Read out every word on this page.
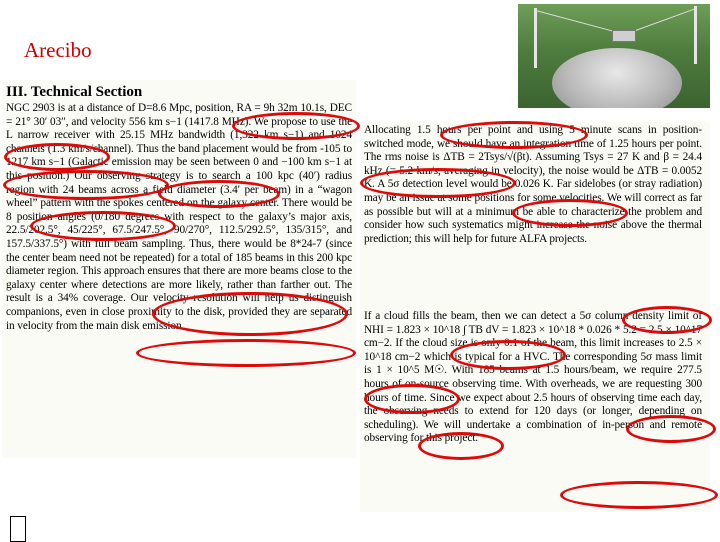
Arecibo
III. Technical Section
NGC 2903 is at a distance of D=8.6 Mpc, position, RA = 9h 32m 10.1s, DEC = 21° 30′ 03″, and velocity 556 km s−1 (1417.8 MHz). We propose to use the L narrow receiver with 25.15 MHz bandwidth (1,322 km s−1) and 1024 channels (1.3 km/s/channel). Thus the band placement would be from -105 to 1217 km s−1 (Galactic emission may be seen between 0 and −100 km s−1 at this position.) Our observing strategy is to search a 100 kpc (40′) radius region with 24 beams across a field diameter (3.4′ per beam) in a “wagon wheel” pattern with the spokes centered on the galaxy center. There would be 8 position angles (0/180 degrees with respect to the galaxy’s major axis, 22.5/202.5°, 45/225°, 67.5/247.5°, 90/270°, 112.5/292.5°, 135/315°, and 157.5/337.5°) with full beam sampling. Thus, there would be 8*24-7 (since the center beam need not be repeated) for a total of 185 beams in this 200 kpc diameter region. This approach ensures that there are more beams close to the galaxy center where detections are more likely, rather than farther out. The result is a 34% coverage. Our velocity resolution will help us distinguish companions, even in close proximity to the disk, provided they are separated in velocity from the main disk emission.
Allocating 1.5 hours per point and using 5 minute scans in position- switched mode, we should have an integration time of 1.25 hours per point. The rms noise is ΔTB = 2Tsys/√(βt). Assuming Tsys = 27 K and β = 24.4 kHz (= 5.2 km/s, averaging in velocity), the noise would be ΔTB = 0.0052 K. A 5σ detection level would be 0.026 K. Far sidelobes (or stray radiation) may be an issue at some positions for some velocities. We will correct as far as possible but will at a minimum be able to characterize the problem and consider how such systematics might increase the noise above the thermal prediction; this will help for future ALFA projects.
If a cloud fills the beam, then we can detect a 5σ column density limit of NHI = 1.823 × 10^18 ∫ TB dV = 1.823 × 10^18 * 0.026 * 5.2 = 2.5 × 10^17 cm−2. If the cloud size is only 0.1 of the beam, this limit increases to 2.5 × 10^18 cm−2 which is typical for a HVC. The corresponding 5σ mass limit is 1 × 10^5 M☉. With 185 beams at 1.5 hours/beam, we require 277.5 hours of on-source observing time. With overheads, we are requesting 300 hours of time. Since we expect about 2.5 hours of observing time each day, the observing needs to extend for 120 days (or longer, depending on scheduling). We will undertake a combination of in-person and remote observing for this project.
